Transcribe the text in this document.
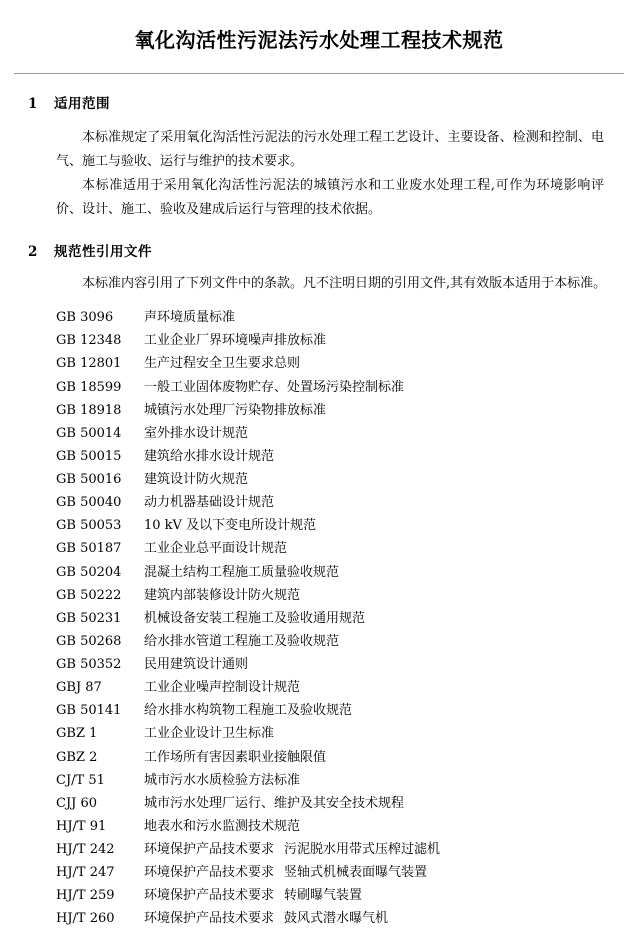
氧化沟活性污泥法污水处理工程技术规范
1	适用范围

本标准规定了采用氧化沟活性污泥法的污水处理工程工艺设计、主要设备、检测和控制、电气、施工与验收、运行与维护的技术要求。

本标准适用于采用氧化沟活性污泥法的城镇污水和工业废水处理工程,可作为环境影响评价、设计、施工、验收及建成后运行与管理的技术依据。

2	规范性引用文件

本标准内容引用了下列文件中的条款。凡不注明日期的引用文件,其有效版本适用于本标准。

GB 3096	声环境质量标准
GB 12348	工业企业厂界环境噪声排放标准
GB 12801	生产过程安全卫生要求总则
GB 18599	一般工业固体废物贮存、处置场污染控制标准
GB 18918	城镇污水处理厂污染物排放标准
GB 50014	室外排水设计规范
GB 50015	建筑给水排水设计规范
GB 50016	建筑设计防火规范
GB 50040	动力机器基础设计规范
GB 50053	10 kV 及以下变电所设计规范
GB 50187	工业企业总平面设计规范
GB 50204	混凝土结构工程施工质量验收规范
GB 50222	建筑内部装修设计防火规范
GB 50231	机械设备安装工程施工及验收通用规范
GB 50268	给水排水管道工程施工及验收规范
GB 50352	民用建筑设计通则
GBJ 87	工业企业噪声控制设计规范
GB 50141	给水排水构筑物工程施工及验收规范
GBZ 1	工业企业设计卫生标准
GBZ 2	工作场所有害因素职业接触限值
CJ/T 51	城市污水水质检验方法标准
CJJ 60	城市污水处理厂运行、维护及其安全技术规程
HJ/T 91	地表水和污水监测技术规范
HJ/T 242	环境保护产品技术要求 污泥脱水用带式压榨过滤机
HJ/T 247	环境保护产品技术要求 竖轴式机械表面曝气装置
HJ/T 259	环境保护产品技术要求 转刷曝气装置
HJ/T 260	环境保护产品技术要求 鼓风式潜水曝气机
